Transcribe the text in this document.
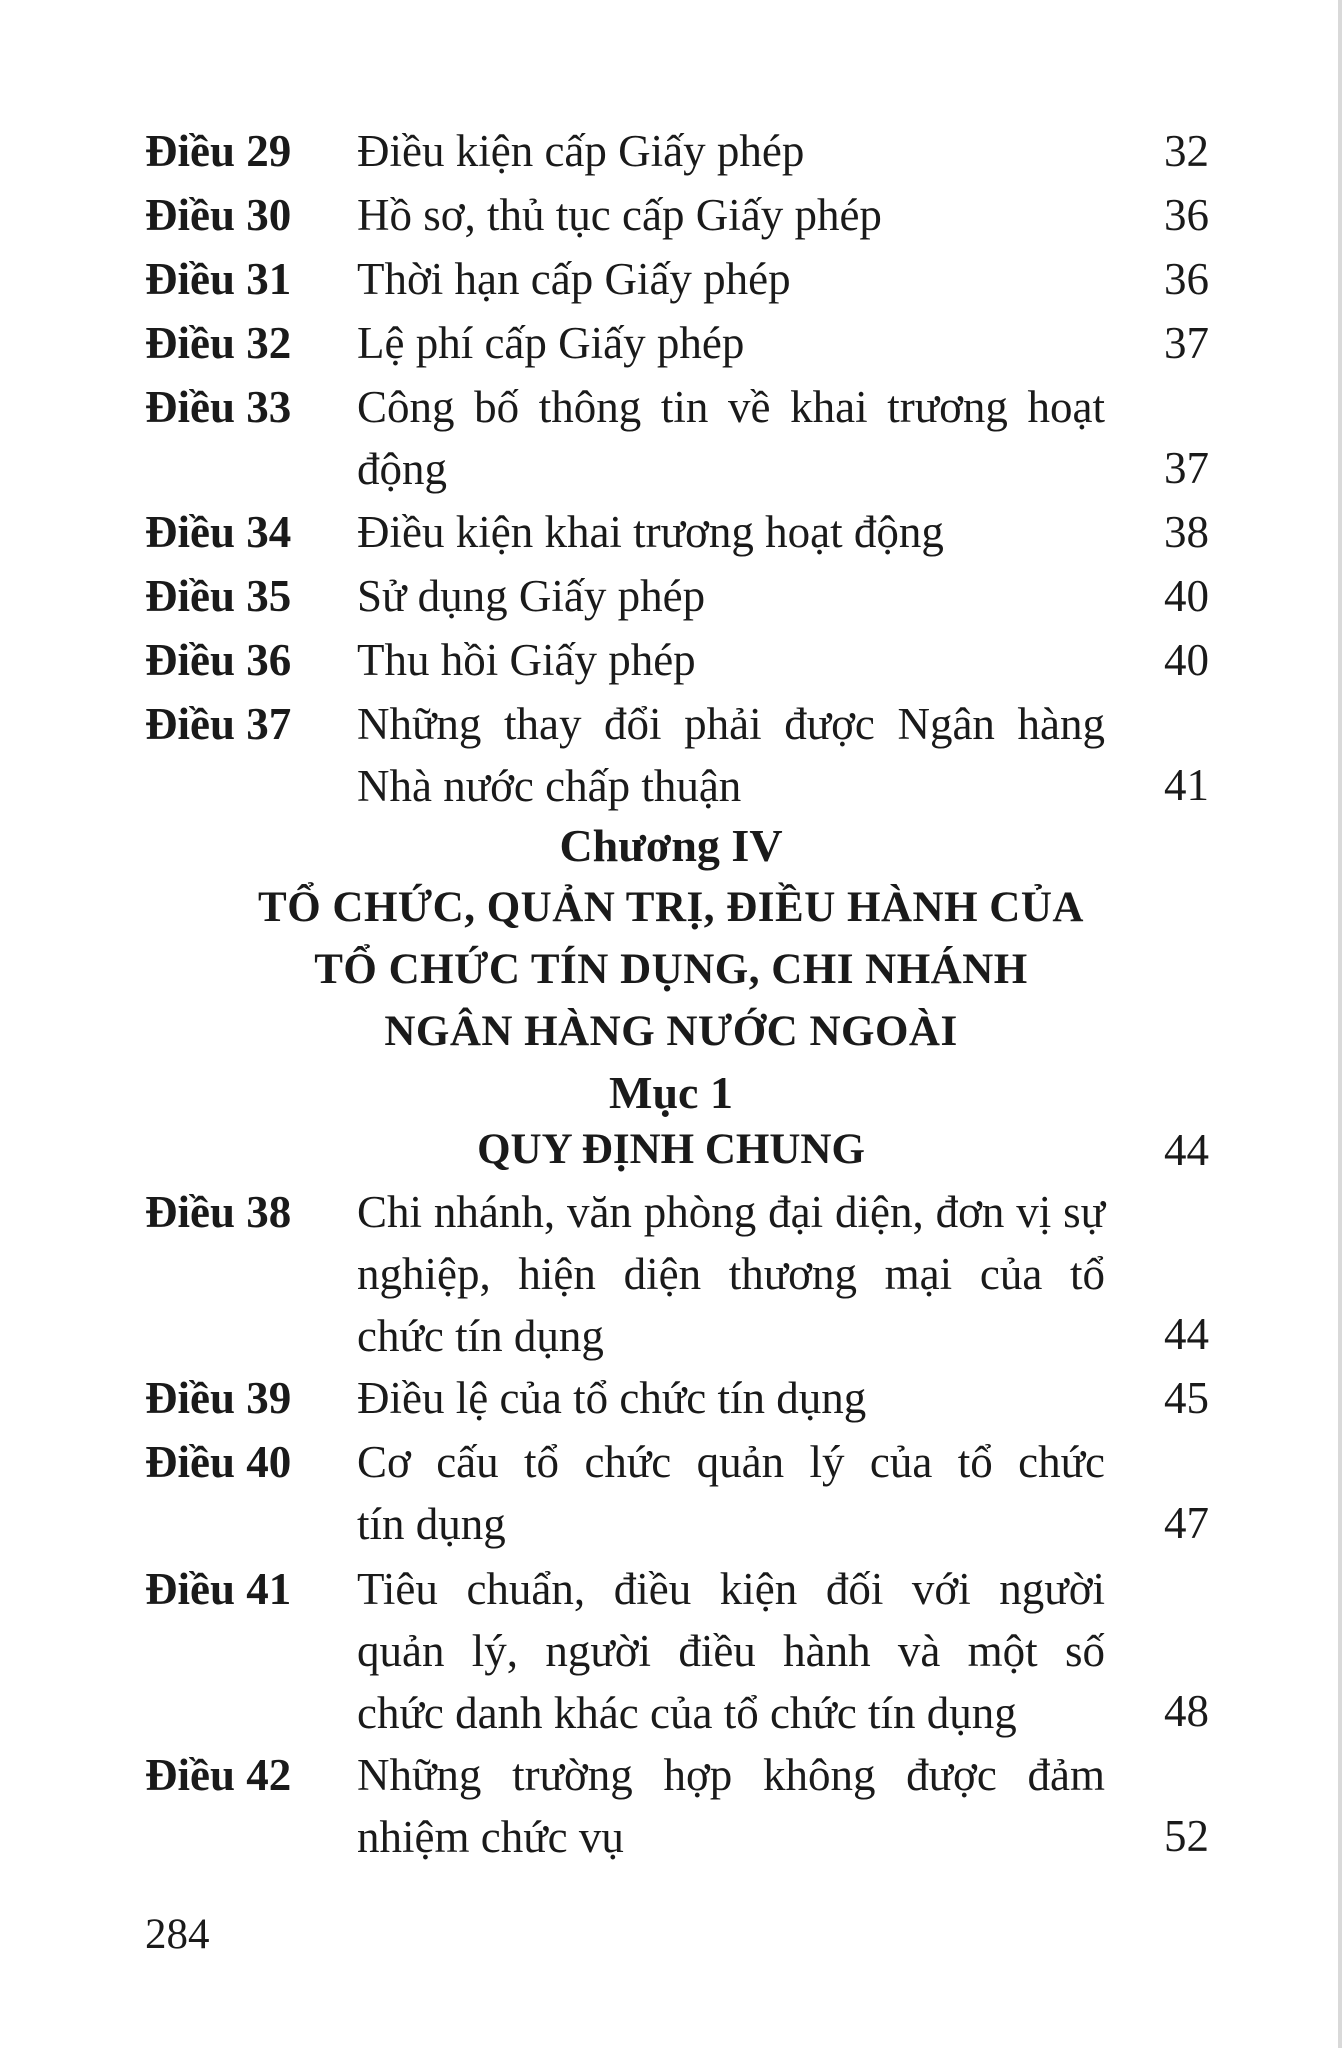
Điều 29 Điều kiện cấp Giấy phép	32
Điều 30 Hồ sơ, thủ tục cấp Giấy phép	36
Điều 31 Thời hạn cấp Giấy phép	36
Điều 32 Lệ phí cấp Giấy phép	37
Điều 33 Công bố thông tin về khai trương hoạt
động	37
Điều 34 Điều kiện khai trương hoạt động	38
Điều 35 Sử dụng Giấy phép	40
Điều 36 Thu hồi Giấy phép	40
Điều 37 Những thay đổi phải được Ngân hàng
Nhà nước chấp thuận	41
Chương IV
TỔ CHỨC, QUẢN TRỊ, ĐIỀU HÀNH CỦA
TỔ CHỨC TÍN DỤNG, CHI NHÁNH
NGÂN HÀNG NƯỚC NGOÀI
Mục 1
QUY ĐỊNH CHUNG	44
Điều 38 Chi nhánh, văn phòng đại diện, đơn vị sự
nghiệp, hiện diện thương mại của tổ
chức tín dụng	44
Điều 39 Điều lệ của tổ chức tín dụng	45
Điều 40 Cơ cấu tổ chức quản lý của tổ chức
tín dụng	47
Điều 41 Tiêu chuẩn, điều kiện đối với người
quản lý, người điều hành và một số
chức danh khác của tổ chức tín dụng	48
Điều 42 Những trường hợp không được đảm
nhiệm chức vụ	52
284
